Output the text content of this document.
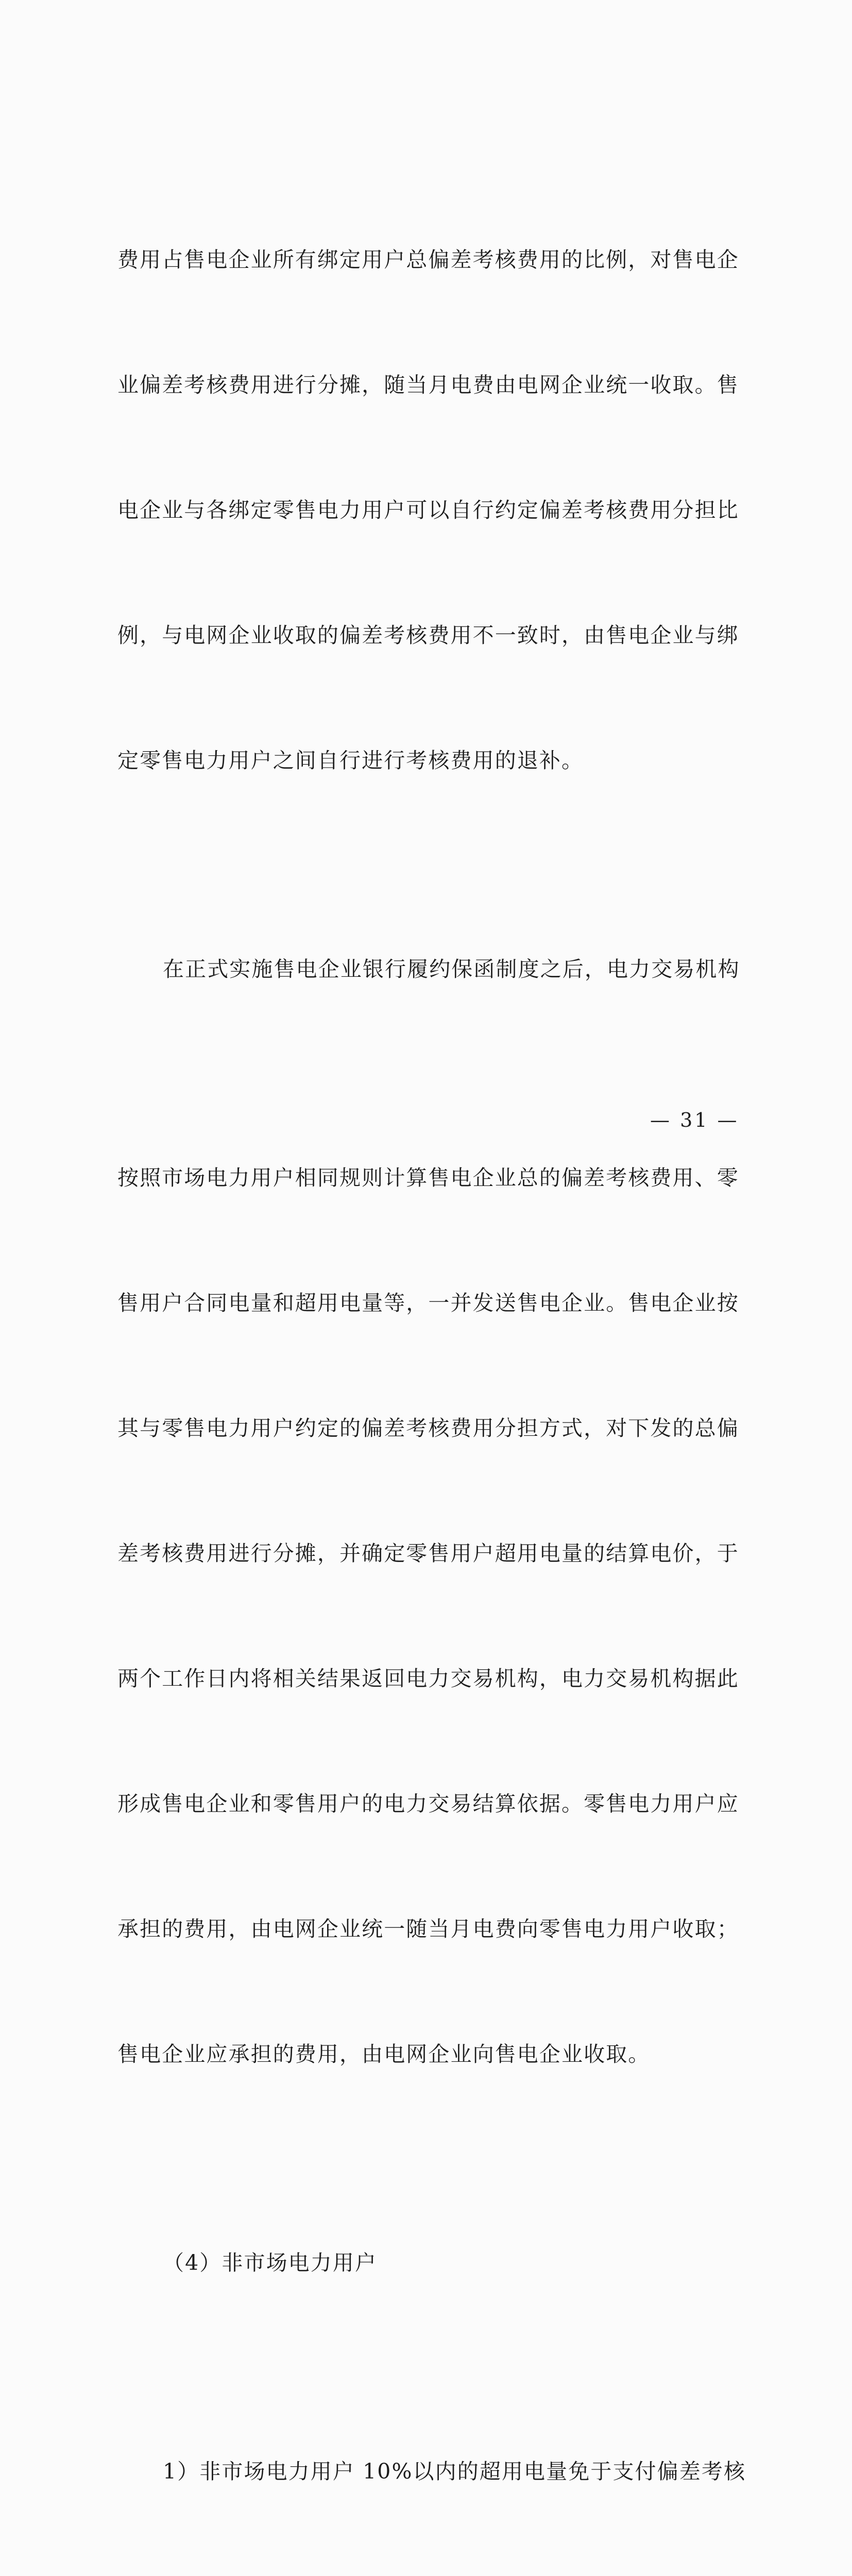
费用占售电企业所有绑定用户总偏差考核费用的比例，对售电企

业偏差考核费用进行分摊，随当月电费由电网企业统一收取。售

电企业与各绑定零售电力用户可以自行约定偏差考核费用分担比

例，与电网企业收取的偏差考核费用不一致时，由售电企业与绑

定零售电力用户之间自行进行考核费用的退补。

在正式实施售电企业银行履约保函制度之后，电力交易机构

按照市场电力用户相同规则计算售电企业总的偏差考核费用、零

售用户合同电量和超用电量等，一并发送售电企业。售电企业按

其与零售电力用户约定的偏差考核费用分担方式，对下发的总偏

差考核费用进行分摊，并确定零售用户超用电量的结算电价，于

两个工作日内将相关结果返回电力交易机构，电力交易机构据此

形成售电企业和零售用户的电力交易结算依据。零售电力用户应

承担的费用，由电网企业统一随当月电费向零售电力用户收取；

售电企业应承担的费用，由电网企业向售电企业收取。

（4）非市场电力用户

1）非市场电力用户 10%以内的超用电量免于支付偏差考核

— 31 —
